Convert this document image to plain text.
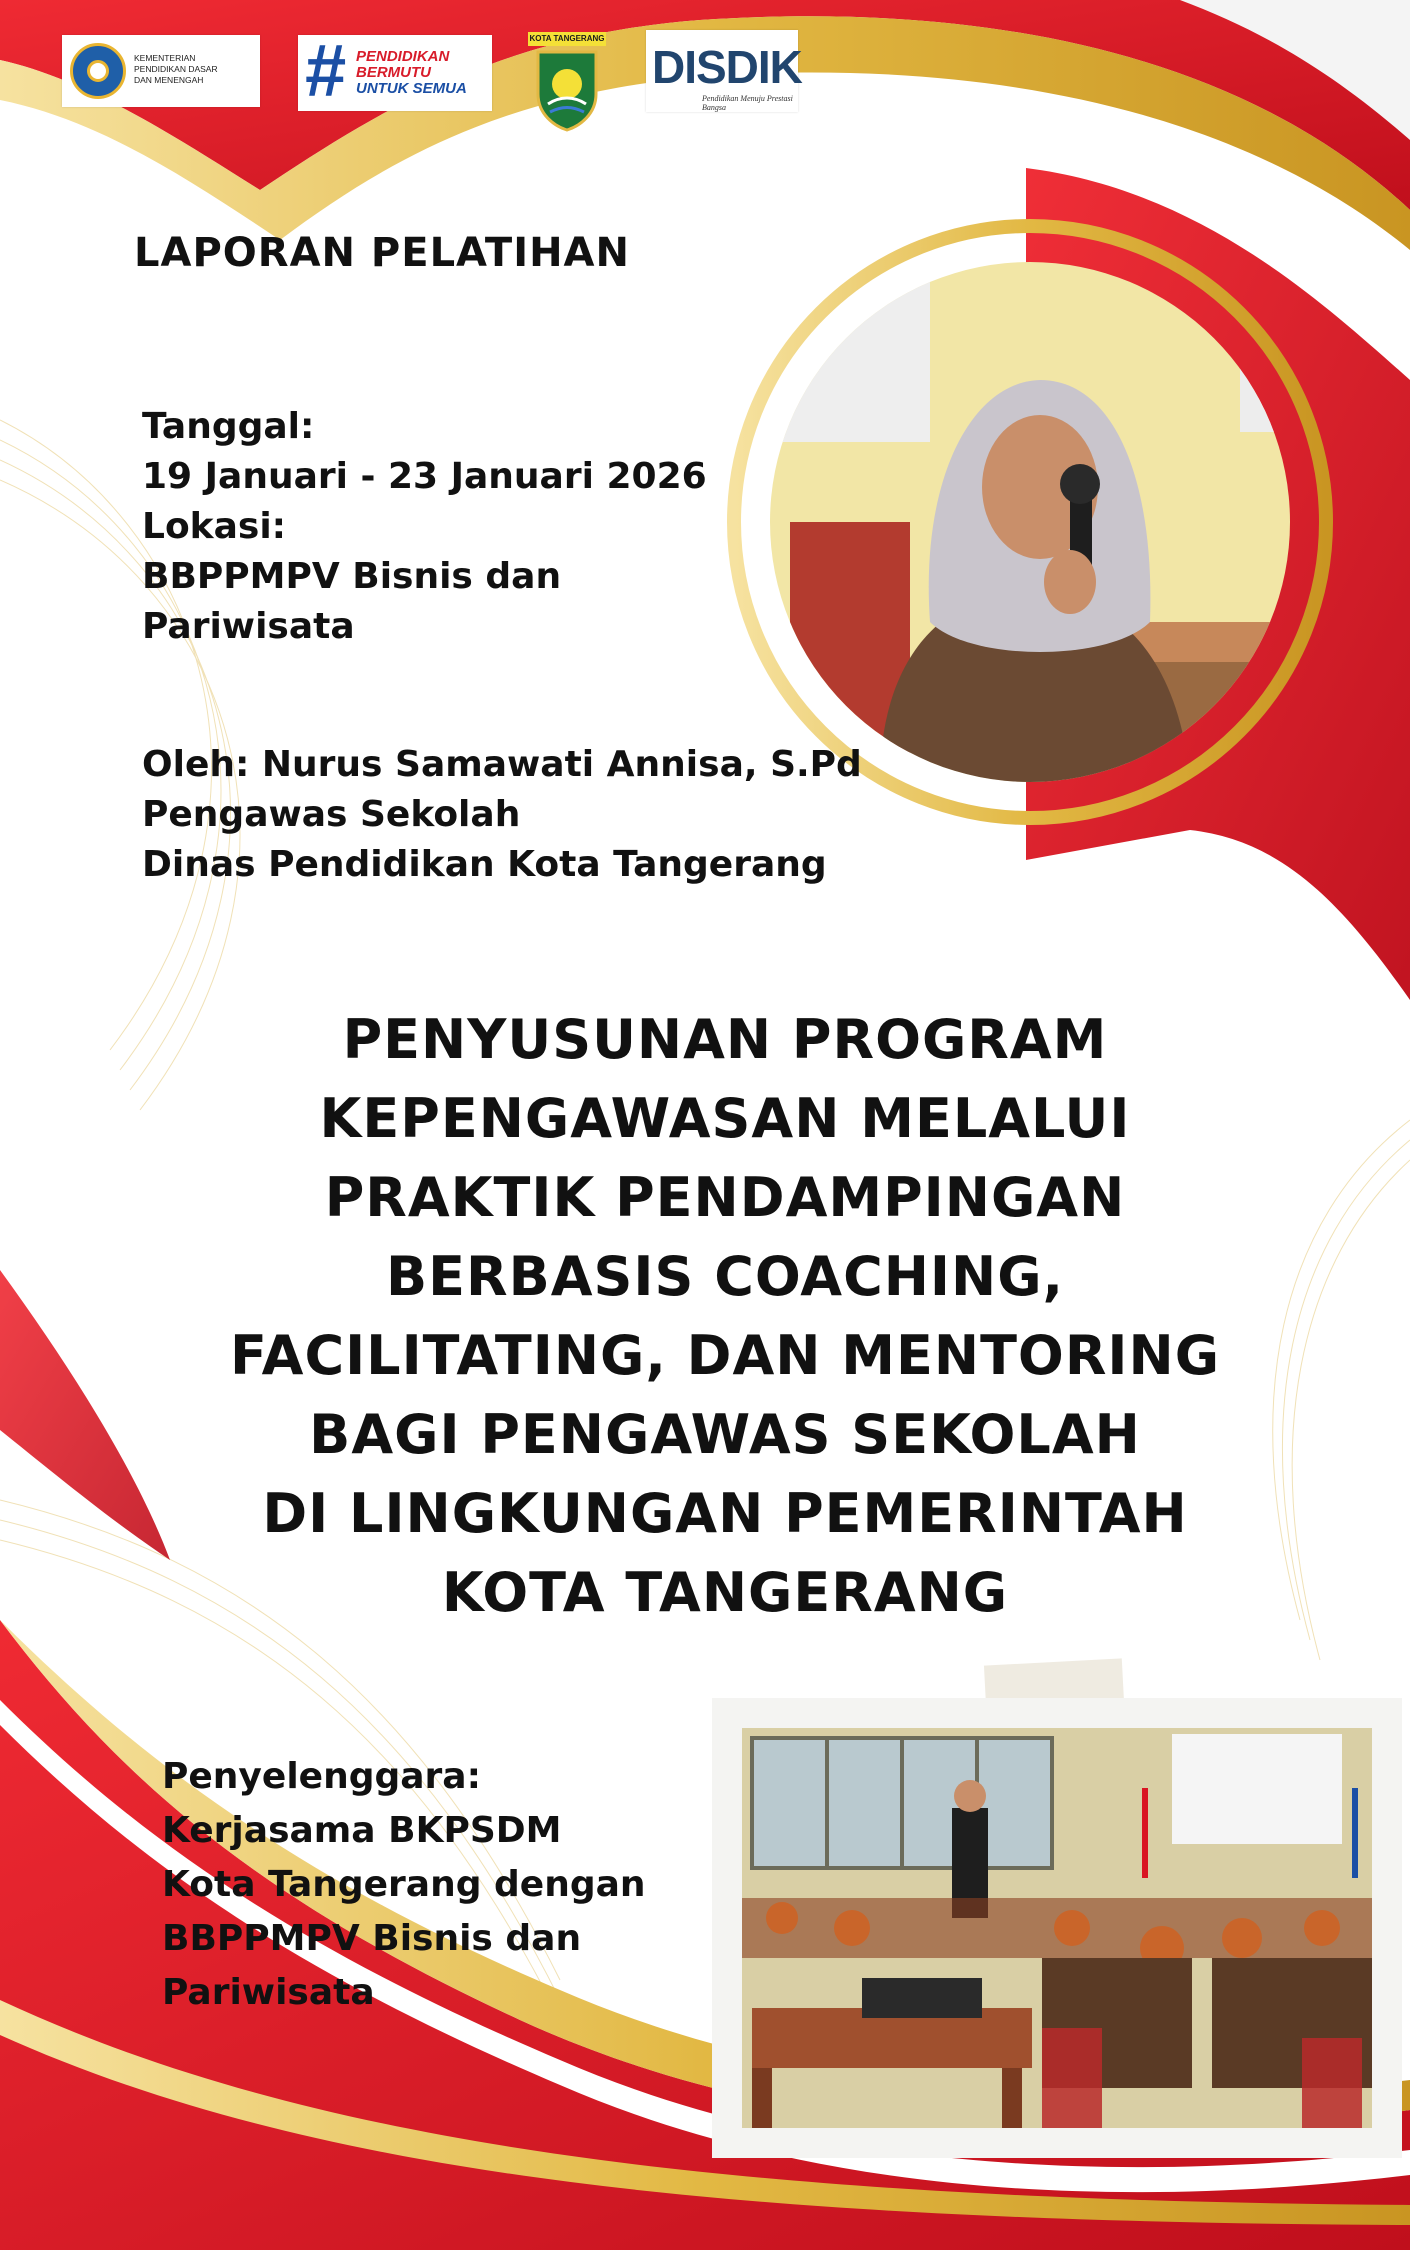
KEMENTERIAN
PENDIDIKAN DASAR
DAN MENENGAH	# PENDIDIKAN
BERMUTU
UNTUK SEMUA
KOTA TANGERANG
DISDIK
Pendidikan Menuju Prestasi Bangsa
LAPORAN PELATIHAN
Tanggal:
19 Januari - 23 Januari 2026
Lokasi:
BBPPMPV Bisnis dan
Pariwisata
Oleh: Nurus Samawati Annisa, S.Pd
Pengawas Sekolah
Dinas Pendidikan Kota Tangerang
PENYUSUNAN PROGRAM
KEPENGAWASAN MELALUI
PRAKTIK PENDAMPINGAN
BERBASIS COACHING,
FACILITATING, DAN MENTORING
BAGI PENGAWAS SEKOLAH
DI LINGKUNGAN PEMERINTAH
KOTA TANGERANG
Penyelenggara:
Kerjasama BKPSDM
Kota Tangerang dengan
BBPPMPV Bisnis dan
Pariwisata
